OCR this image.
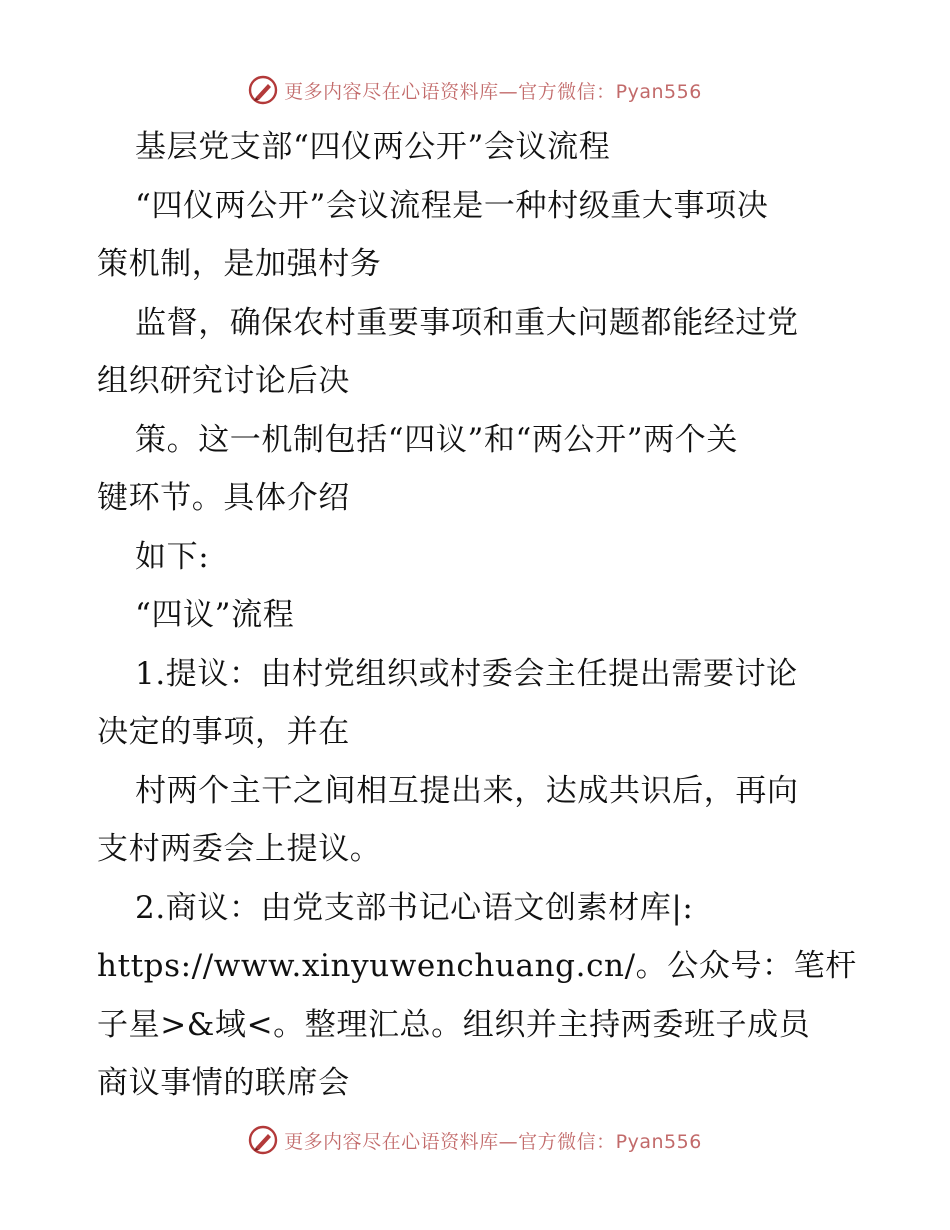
更多内容尽在心语资料库—官方微信：Pyan556
基层党支部“四仪两公开”会议流程
“四仪两公开”会议流程是一种村级重大事项决
策机制，是加强村务
监督，确保农村重要事项和重大问题都能经过党
组织研究讨论后决
策。这一机制包括“四议”和“两公开”两个关
键环节。具体介绍
如下:
“四议”流程
1.提议：由村党组织或村委会主任提出需要讨论
决定的事项，并在
村两个主干之间相互提出来，达成共识后，再向
支村两委会上提议。
2.商议：由党支部书记心语文创素材库|:
https://www.xinyuwenchuang.cn/。公众号：笔杆
子星>&域<。整理汇总。组织并主持两委班子成员
商议事情的联席会
更多内容尽在心语资料库—官方微信：Pyan556
